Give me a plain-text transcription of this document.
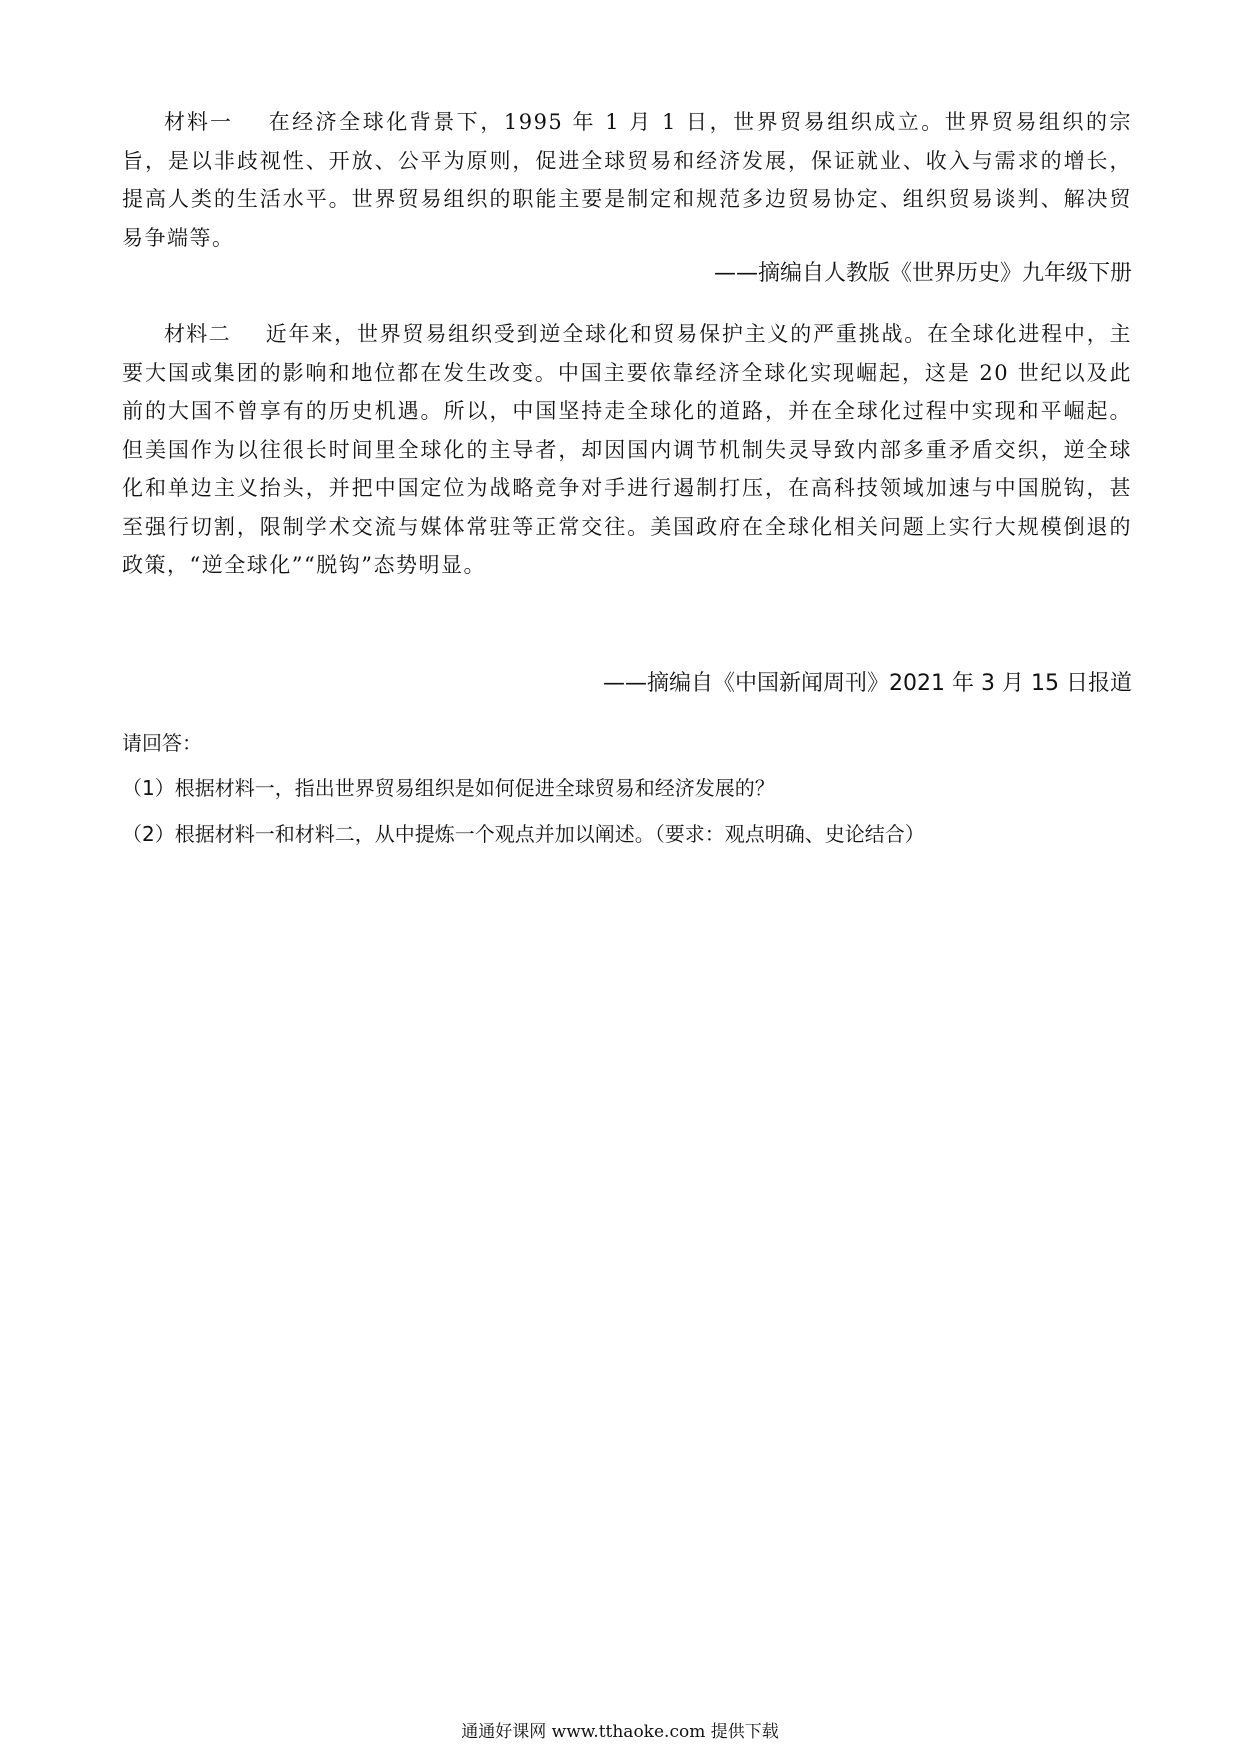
材料一   在经济全球化背景下，1995 年 1 月 1 日，世界贸易组织成立。世界贸易组织的宗旨，是以非歧视性、开放、公平为原则，促进全球贸易和经济发展，保证就业、收入与需求的增长，提高人类的生活水平。世界贸易组织的职能主要是制定和规范多边贸易协定、组织贸易谈判、解决贸易争端等。

——摘编自人教版《世界历史》九年级下册

材料二   近年来，世界贸易组织受到逆全球化和贸易保护主义的严重挑战。在全球化进程中，主要大国或集团的影响和地位都在发生改变。中国主要依靠经济全球化实现崛起，这是 20 世纪以及此前的大国不曾享有的历史机遇。所以，中国坚持走全球化的道路，并在全球化过程中实现和平崛起。但美国作为以往很长时间里全球化的主导者，却因国内调节机制失灵导致内部多重矛盾交织，逆全球化和单边主义抬头，并把中国定位为战略竞争对手进行遏制打压，在高科技领域加速与中国脱钩，甚至强行切割，限制学术交流与媒体常驻等正常交往。美国政府在全球化相关问题上实行大规模倒退的政策，“逆全球化”“脱钩”态势明显。

——摘编自《中国新闻周刊》2021 年 3 月 15 日报道

请回答：

（1）根据材料一，指出世界贸易组织是如何促进全球贸易和经济发展的？

（2）根据材料一和材料二，从中提炼一个观点并加以阐述。（要求：观点明确、史论结合）

通通好课网 www.tthaoke.com 提供下载
